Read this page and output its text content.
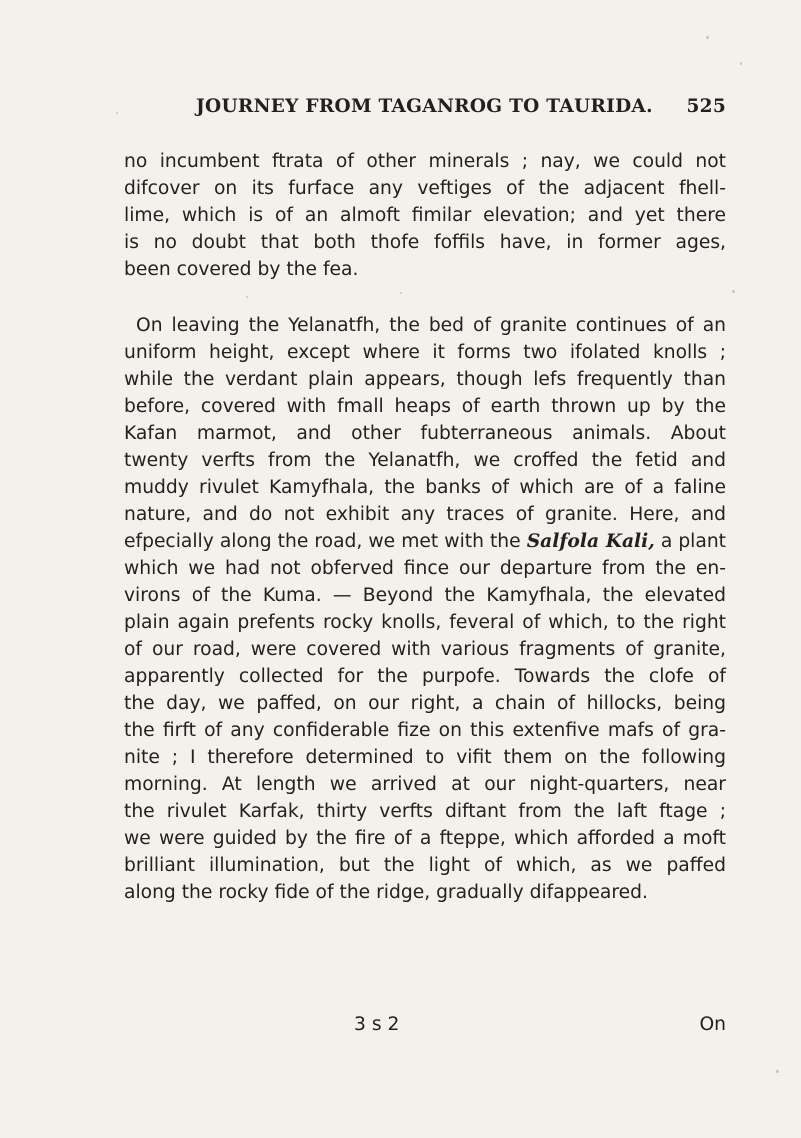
JOURNEY FROM TAGANROG TO TAURIDA. 525
no incumbent ftrata of other minerals ; nay, we could not
difcover on its furface any veftiges of the adjacent fhell-
lime, which is of an almoft fimilar elevation; and yet there
is no doubt that both thofe foffils have, in former ages,
been covered by the fea.
On leaving the Yelanatfh, the bed of granite continues of an
uniform height, except where it forms two ifolated knolls ;
while the verdant plain appears, though lefs frequently than
before, covered with fmall heaps of earth thrown up by the
Kafan marmot, and other fubterraneous animals. About
twenty verfts from the Yelanatfh, we croffed the fetid and
muddy rivulet Kamyfhala, the banks of which are of a faline
nature, and do not exhibit any traces of granite. Here, and
efpecially along the road, we met with the Salfola Kali, a plant
which we had not obferved fince our departure from the en-
virons of the Kuma. — Beyond the Kamyfhala, the elevated
plain again prefents rocky knolls, feveral of which, to the right
of our road, were covered with various fragments of granite,
apparently collected for the purpofe. Towards the clofe of
the day, we paffed, on our right, a chain of hillocks, being
the firft of any confiderable fize on this extenfive mafs of gra-
nite ; I therefore determined to vifit them on the following
morning. At length we arrived at our night-quarters, near
the rivulet Karfak, thirty verfts diftant from the laft ftage ;
we were guided by the fire of a fteppe, which afforded a moft
brilliant illumination, but the light of which, as we paffed
along the rocky fide of the ridge, gradually difappeared.
3 s 2	On
